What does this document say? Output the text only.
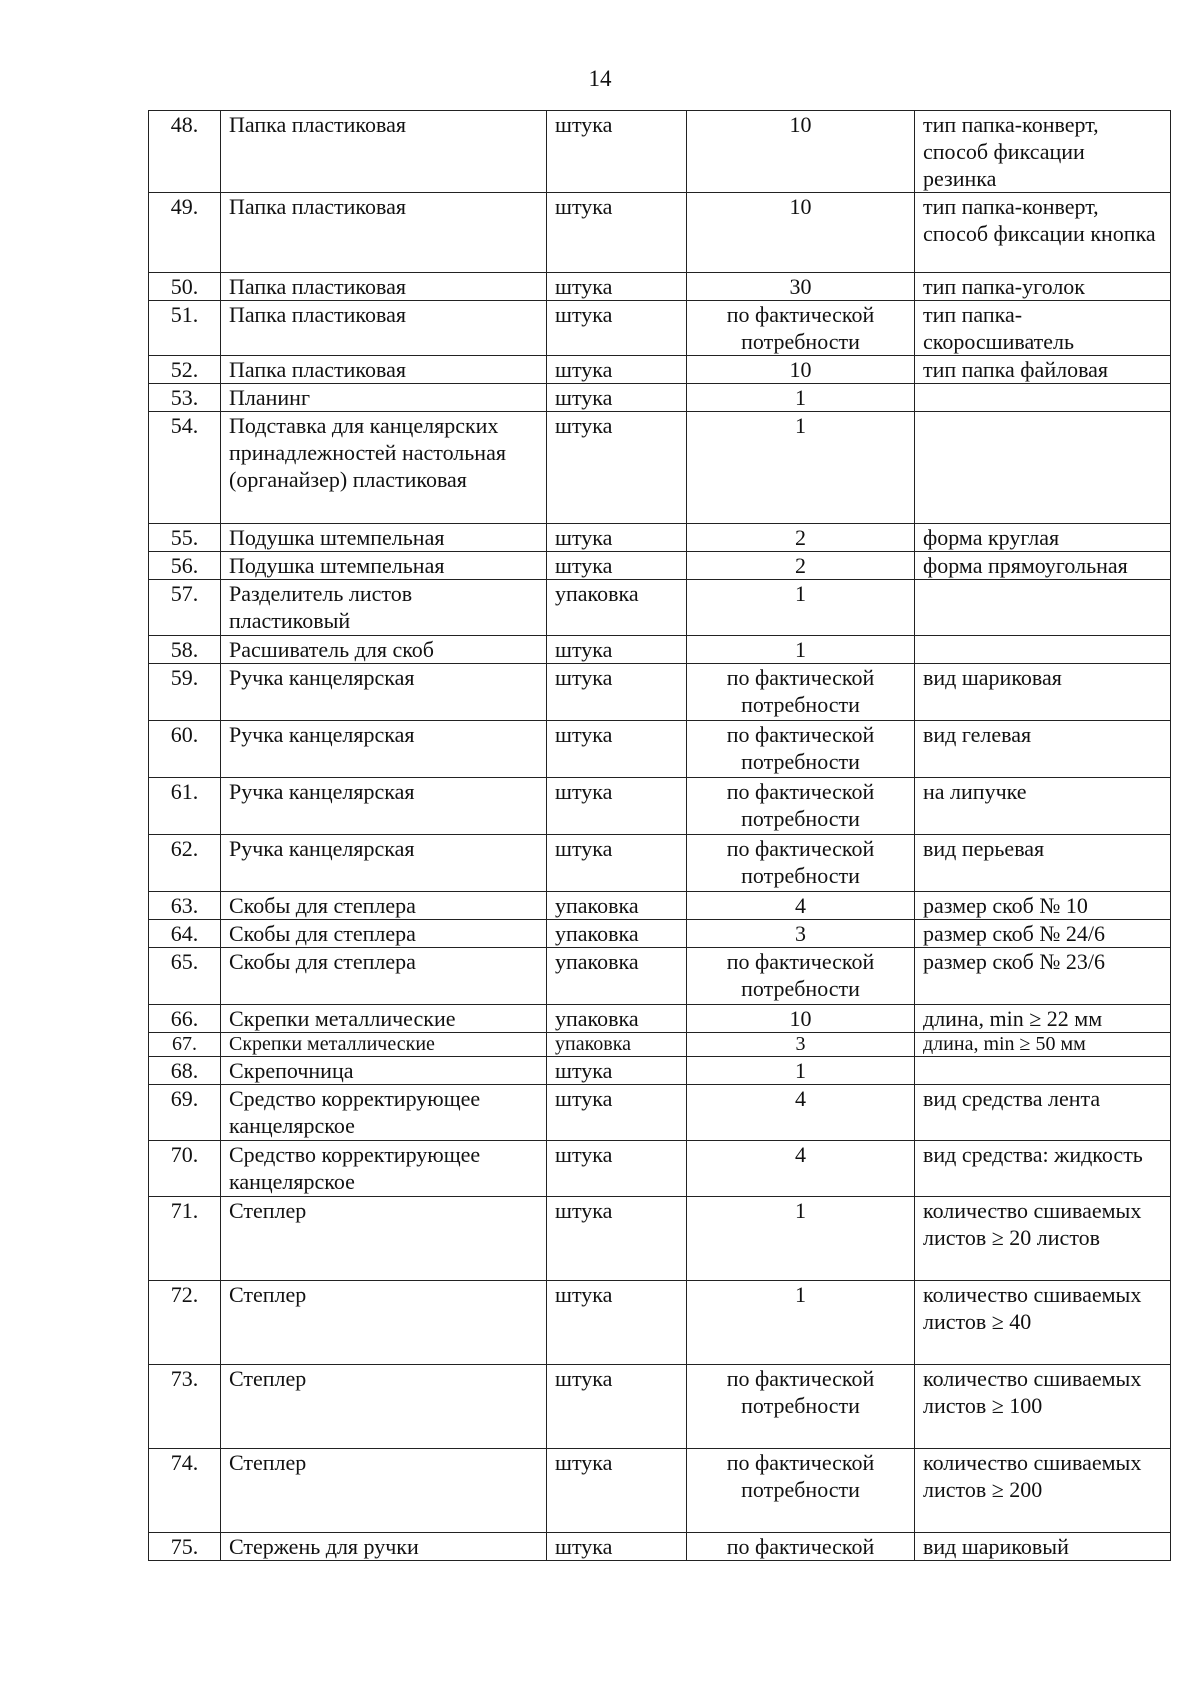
14
48.	Папка пластиковая	штука	10	тип папка-конверт, способ фиксации резинка
49.	Папка пластиковая	штука	10	тип папка-конверт, способ фиксации кнопка
50.	Папка пластиковая	штука	30	тип папка-уголок
51.	Папка пластиковая	штука	по фактической потребности	тип папка-скоросшиватель
52.	Папка пластиковая	штука	10	тип папка файловая
53.	Планинг	штука	1	
54.	Подставка для канцелярских принадлежностей настольная (органайзер) пластиковая	штука	1	
55.	Подушка штемпельная	штука	2	форма круглая
56.	Подушка штемпельная	штука	2	форма прямоугольная
57.	Разделитель листов пластиковый	упаковка	1	
58.	Расшиватель для скоб	штука	1	
59.	Ручка канцелярская	штука	по фактической потребности	вид шариковая
60.	Ручка канцелярская	штука	по фактической потребности	вид гелевая
61.	Ручка канцелярская	штука	по фактической потребности	на липучке
62.	Ручка канцелярская	штука	по фактической потребности	вид перьевая
63.	Скобы для степлера	упаковка	4	размер скоб № 10
64.	Скобы для степлера	упаковка	3	размер скоб № 24/6
65.	Скобы для степлера	упаковка	по фактической потребности	размер скоб № 23/6
66.	Скрепки металлические	упаковка	10	длина, min ≥ 22 мм
67.	Скрепки металлические	упаковка	3	длина, min ≥ 50 мм
68.	Скрепочница	штука	1	
69.	Средство корректирующее канцелярское	штука	4	вид средства лента
70.	Средство корректирующее канцелярское	штука	4	вид средства: жидкость
71.	Степлер	штука	1	количество сшиваемых листов ≥ 20 листов
72.	Степлер	штука	1	количество сшиваемых листов ≥ 40
73.	Степлер	штука	по фактической потребности	количество сшиваемых листов ≥ 100
74.	Степлер	штука	по фактической потребности	количество сшиваемых листов ≥ 200
75.	Стержень для ручки	штука	по фактической	вид шариковый
